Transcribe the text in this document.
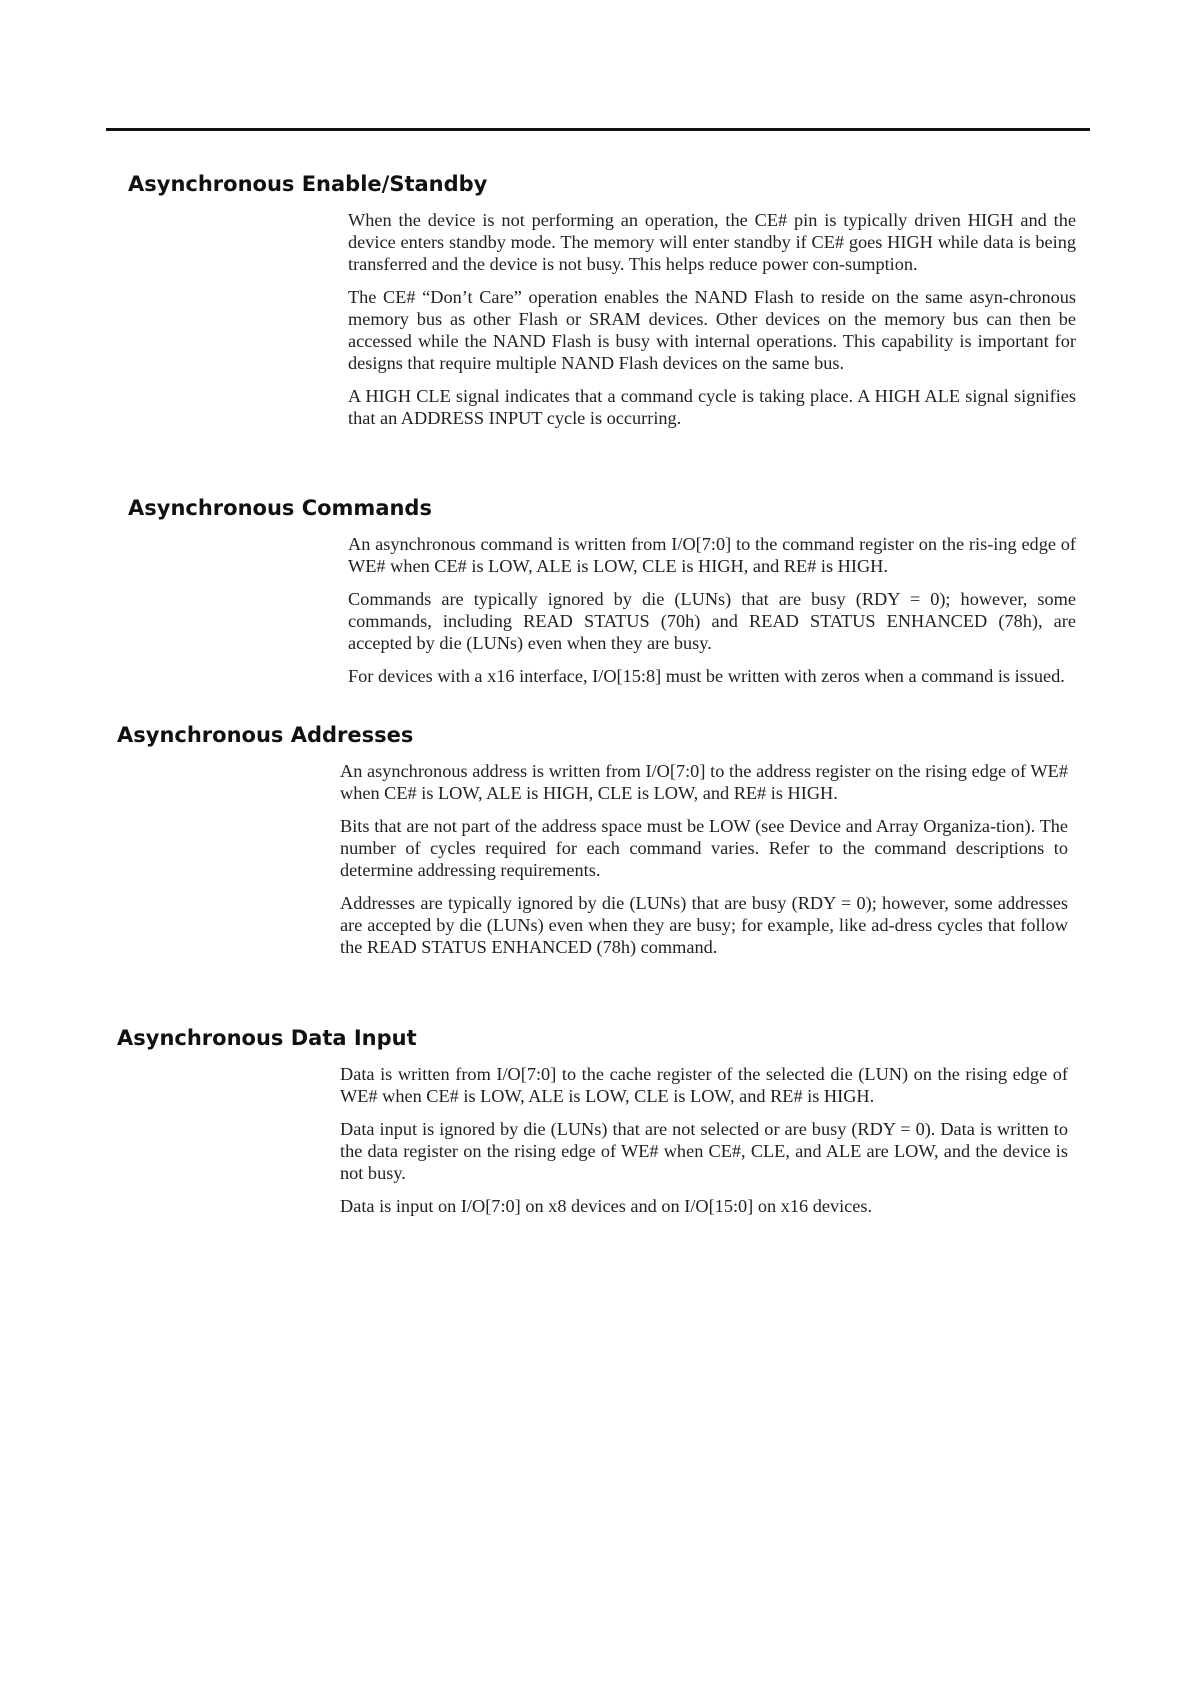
Asynchronous Enable/Standby

When the device is not performing an operation, the CE# pin is typically driven HIGH and the device enters standby mode. The memory will enter standby if CE# goes HIGH while data is being transferred and the device is not busy. This helps reduce power con-sumption.

The CE# “Don’t Care” operation enables the NAND Flash to reside on the same asyn-chronous memory bus as other Flash or SRAM devices. Other devices on the memory bus can then be accessed while the NAND Flash is busy with internal operations. This capability is important for designs that require multiple NAND Flash devices on the same bus.

A HIGH CLE signal indicates that a command cycle is taking place. A HIGH ALE signal signifies that an ADDRESS INPUT cycle is occurring.

Asynchronous Commands

An asynchronous command is written from I/O[7:0] to the command register on the ris-ing edge of WE# when CE# is LOW, ALE is LOW, CLE is HIGH, and RE# is HIGH.

Commands are typically ignored by die (LUNs) that are busy (RDY = 0); however, some commands, including READ STATUS (70h) and READ STATUS ENHANCED (78h), are accepted by die (LUNs) even when they are busy.

For devices with a x16 interface, I/O[15:8] must be written with zeros when a command is issued.

Asynchronous Addresses

An asynchronous address is written from I/O[7:0] to the address register on the rising edge of WE# when CE# is LOW, ALE is HIGH, CLE is LOW, and RE# is HIGH.

Bits that are not part of the address space must be LOW (see Device and Array Organiza-tion). The number of cycles required for each command varies. Refer to the command descriptions to determine addressing requirements.

Addresses are typically ignored by die (LUNs) that are busy (RDY = 0); however, some addresses are accepted by die (LUNs) even when they are busy; for example, like ad-dress cycles that follow the READ STATUS ENHANCED (78h) command.

Asynchronous Data Input

Data is written from I/O[7:0] to the cache register of the selected die (LUN) on the rising edge of WE# when CE# is LOW, ALE is LOW, CLE is LOW, and RE# is HIGH.

Data input is ignored by die (LUNs) that are not selected or are busy (RDY = 0). Data is written to the data register on the rising edge of WE# when CE#, CLE, and ALE are LOW, and the device is not busy.

Data is input on I/O[7:0] on x8 devices and on I/O[15:0] on x16 devices.
